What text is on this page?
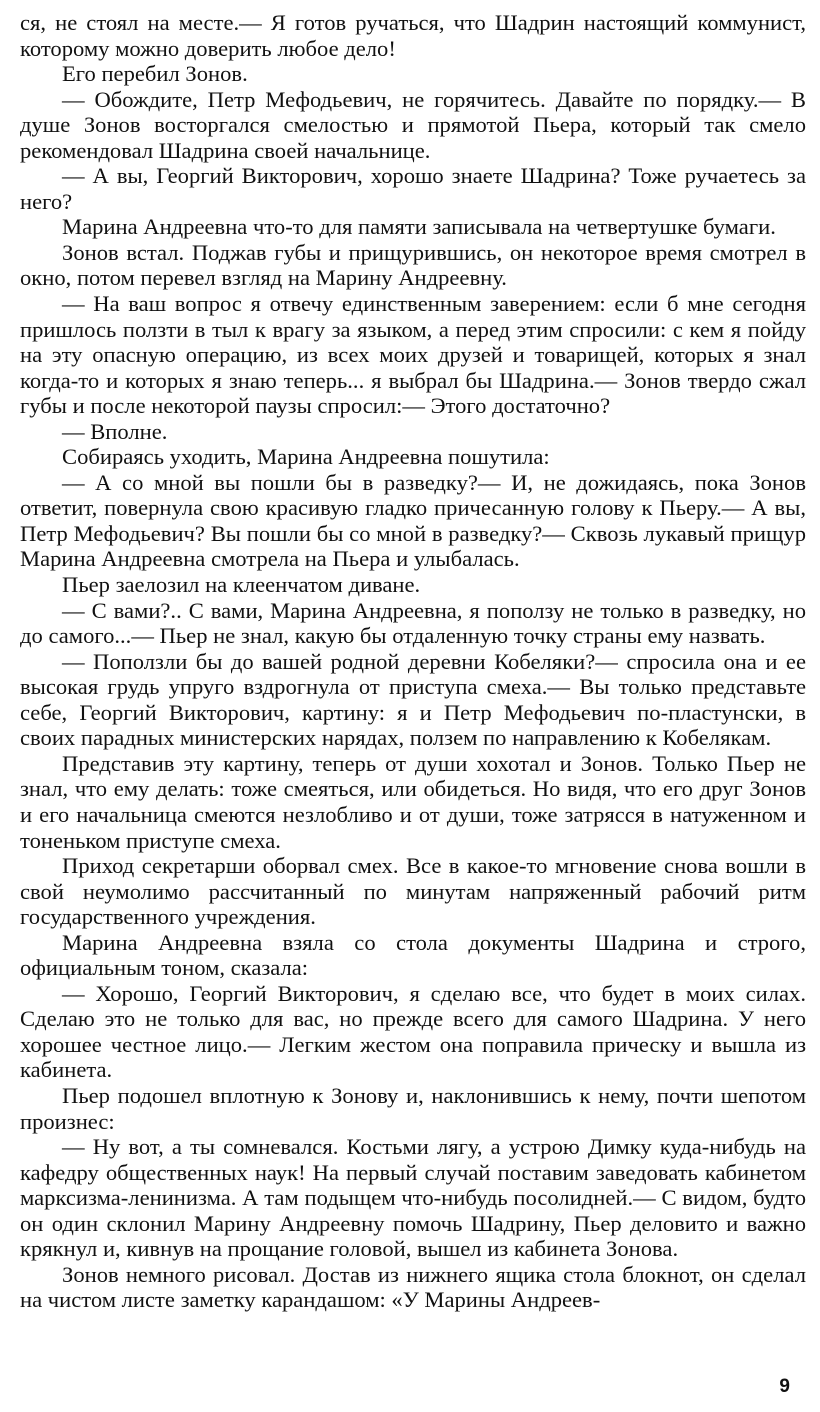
ся, не стоял на месте.— Я готов ручаться, что Шадрин настоящий коммунист, которому можно доверить любое дело!

Его перебил Зонов.

— Обождите, Петр Мефодьевич, не горячитесь. Давайте по порядку.— В душе Зонов восторгался смелостью и прямотой Пьера, который так смело рекомендовал Шадрина своей начальнице.

— А вы, Георгий Викторович, хорошо знаете Шадрина? Тоже ручаетесь за него?

Марина Андреевна что-то для памяти записывала на четвертушке бумаги.

Зонов встал. Поджав губы и прищурившись, он некоторое время смотрел в окно, потом перевел взгляд на Марину Андреевну.

— На ваш вопрос я отвечу единственным заверением: если б мне сегодня пришлось ползти в тыл к врагу за языком, а перед этим спросили: с кем я пойду на эту опасную операцию, из всех моих друзей и товарищей, которых я знал когда-то и которых я знаю теперь... я выбрал бы Шадрина.— Зонов твердо сжал губы и после некоторой паузы спросил:— Этого достаточно?

— Вполне.

Собираясь уходить, Марина Андреевна пошутила:

— А со мной вы пошли бы в разведку?— И, не дожидаясь, пока Зонов ответит, повернула свою красивую гладко причесанную голову к Пьеру.— А вы, Петр Мефодьевич? Вы пошли бы со мной в разведку?— Сквозь лукавый прищур Марина Андреевна смотрела на Пьера и улыбалась.

Пьер заелозил на клеенчатом диване.

— С вами?.. С вами, Марина Андреевна, я поползу не только в разведку, но до самого...— Пьер не знал, какую бы отдаленную точку страны ему назвать.

— Поползли бы до вашей родной деревни Кобеляки?— спросила она и ее высокая грудь упруго вздрогнула от приступа смеха.— Вы только представьте себе, Георгий Викторович, картину: я и Петр Мефодьевич по-пластунски, в своих парадных министерских нарядах, ползем по направлению к Кобелякам.

Представив эту картину, теперь от души хохотал и Зонов. Только Пьер не знал, что ему делать: тоже смеяться, или обидеться. Но видя, что его друг Зонов и его начальница смеются незлобливо и от души, тоже затрясся в натуженном и тоненьком приступе смеха.

Приход секретарши оборвал смех. Все в какое-то мгновение снова вошли в свой неумолимо рассчитанный по минутам напряженный рабочий ритм государственного учреждения.

Марина Андреевна взяла со стола документы Шадрина и строго, официальным тоном, сказала:

— Хорошо, Георгий Викторович, я сделаю все, что будет в моих силах. Сделаю это не только для вас, но прежде всего для самого Шадрина. У него хорошее честное лицо.— Легким жестом она поправила прическу и вышла из кабинета.

Пьер подошел вплотную к Зонову и, наклонившись к нему, почти шепотом произнес:

— Ну вот, а ты сомневался. Костьми лягу, а устрою Димку куда-нибудь на кафедру общественных наук! На первый случай поставим заведовать кабинетом марксизма-ленинизма. А там подыщем что-нибудь посолидней.— С видом, будто он один склонил Марину Андреевну помочь Шадрину, Пьер деловито и важно крякнул и, кивнув на прощание головой, вышел из кабинета Зонова.

Зонов немного рисовал. Достав из нижнего ящика стола блокнот, он сделал на чистом листе заметку карандашом: «У Марины Андреев-

9
